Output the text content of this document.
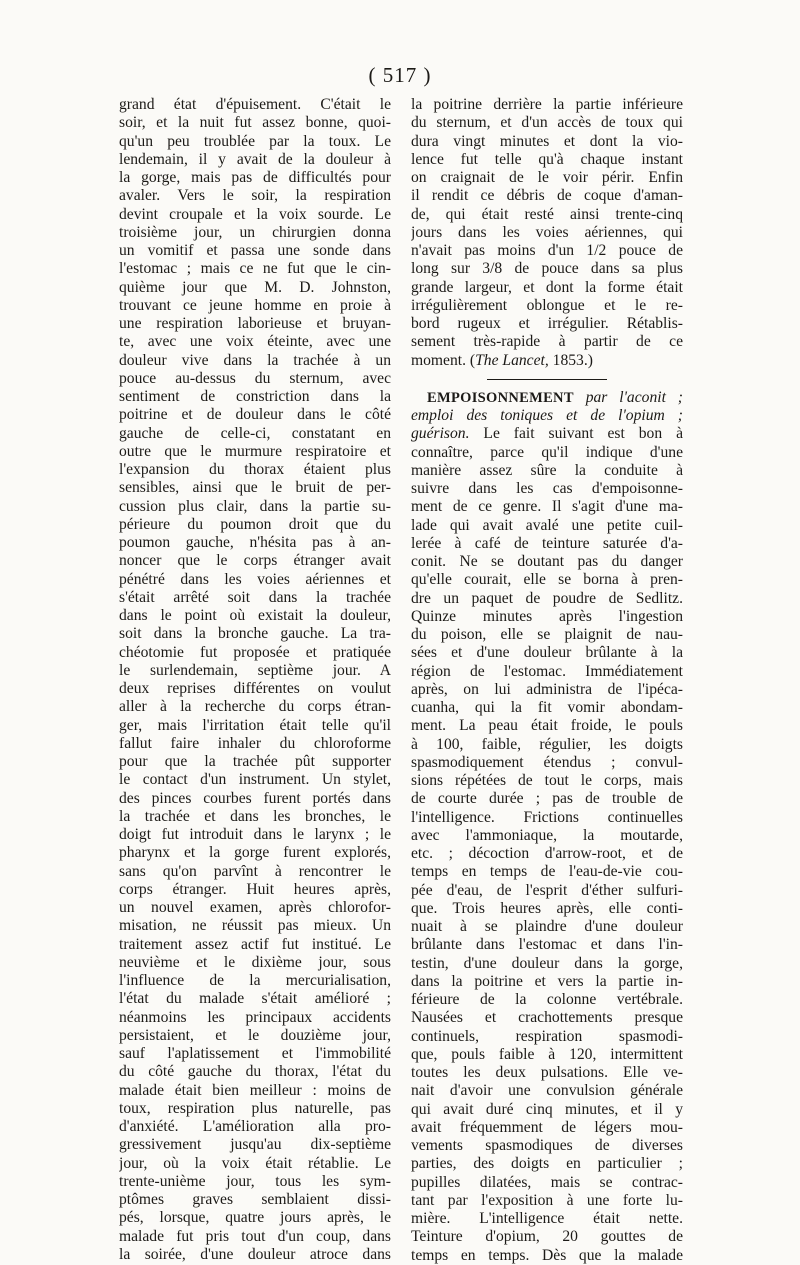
( 517 )
grand état d'épuisement. C'était le
soir, et la nuit fut assez bonne, quoi-
qu'un peu troublée par la toux. Le
lendemain, il y avait de la douleur à
la gorge, mais pas de difficultés pour
avaler. Vers le soir, la respiration
devint croupale et la voix sourde. Le
troisième jour, un chirurgien donna
un vomitif et passa une sonde dans
l'estomac ; mais ce ne fut que le cin-
quième jour que M. D. Johnston,
trouvant ce jeune homme en proie à
une respiration laborieuse et bruyan-
te, avec une voix éteinte, avec une
douleur vive dans la trachée à un
pouce au-dessus du sternum, avec
sentiment de constriction dans la
poitrine et de douleur dans le côté
gauche de celle-ci, constatant en
outre que le murmure respiratoire et
l'expansion du thorax étaient plus
sensibles, ainsi que le bruit de per-
cussion plus clair, dans la partie su-
périeure du poumon droit que du
poumon gauche, n'hésita pas à an-
noncer que le corps étranger avait
pénétré dans les voies aériennes et
s'était arrêté soit dans la trachée
dans le point où existait la douleur,
soit dans la bronche gauche. La tra-
chéotomie fut proposée et pratiquée
le surlendemain, septième jour. A
deux reprises différentes on voulut
aller à la recherche du corps étran-
ger, mais l'irritation était telle qu'il
fallut faire inhaler du chloroforme
pour que la trachée pût supporter
le contact d'un instrument. Un stylet,
des pinces courbes furent portés dans
la trachée et dans les bronches, le
doigt fut introduit dans le larynx ; le
pharynx et la gorge furent explorés,
sans qu'on parvînt à rencontrer le
corps étranger. Huit heures après,
un nouvel examen, après chlorofor-
misation, ne réussit pas mieux. Un
traitement assez actif fut institué. Le
neuvième et le dixième jour, sous
l'influence de la mercurialisation,
l'état du malade s'était amélioré ;
néanmoins les principaux accidents
persistaient, et le douzième jour,
sauf l'aplatissement et l'immobilité
du côté gauche du thorax, l'état du
malade était bien meilleur : moins de
toux, respiration plus naturelle, pas
d'anxiété. L'amélioration alla pro-
gressivement jusqu'au dix-septième
jour, où la voix était rétablie. Le
trente-unième jour, tous les sym-
ptômes graves semblaient dissi-
pés, lorsque, quatre jours après, le
malade fut pris tout d'un coup, dans
la soirée, d'une douleur atroce dans
la poitrine derrière la partie inférieure
du sternum, et d'un accès de toux qui
dura vingt minutes et dont la vio-
lence fut telle qu'à chaque instant
on craignait de le voir périr. Enfin
il rendit ce débris de coque d'aman-
de, qui était resté ainsi trente-cinq
jours dans les voies aériennes, qui
n'avait pas moins d'un 1/2 pouce de
long sur 3/8 de pouce dans sa plus
grande largeur, et dont la forme était
irrégulièrement oblongue et le re-
bord rugeux et irrégulier. Rétablis-
sement très-rapide à partir de ce
moment. (The Lancet, 1853.)
EMPOISONNEMENT par l'aconit ;
emploi des toniques et de l'opium ;
guérison. Le fait suivant est bon à
connaître, parce qu'il indique d'une
manière assez sûre la conduite à
suivre dans les cas d'empoisonne-
ment de ce genre. Il s'agit d'une ma-
lade qui avait avalé une petite cuil-
lerée à café de teinture saturée d'a-
conit. Ne se doutant pas du danger
qu'elle courait, elle se borna à pren-
dre un paquet de poudre de Sedlitz.
Quinze minutes après l'ingestion
du poison, elle se plaignit de nau-
sées et d'une douleur brûlante à la
région de l'estomac. Immédiatement
après, on lui administra de l'ipéca-
cuanha, qui la fit vomir abondam-
ment. La peau était froide, le pouls
à 100, faible, régulier, les doigts
spasmodiquement étendus ; convul-
sions répétées de tout le corps, mais
de courte durée ; pas de trouble de
l'intelligence. Frictions continuelles
avec l'ammoniaque, la moutarde,
etc. ; décoction d'arrow-root, et de
temps en temps de l'eau-de-vie cou-
pée d'eau, de l'esprit d'éther sulfuri-
que. Trois heures après, elle conti-
nuait à se plaindre d'une douleur
brûlante dans l'estomac et dans l'in-
testin, d'une douleur dans la gorge,
dans la poitrine et vers la partie in-
férieure de la colonne vertébrale.
Nausées et crachottements presque
continuels, respiration spasmodi-
que, pouls faible à 120, intermittent
toutes les deux pulsations. Elle ve-
nait d'avoir une convulsion générale
qui avait duré cinq minutes, et il y
avait fréquemment de légers mou-
vements spasmodiques de diverses
parties, des doigts en particulier ;
pupilles dilatées, mais se contrac-
tant par l'exposition à une forte lu-
mière. L'intelligence était nette.
Teinture d'opium, 20 gouttes de
temps en temps. Dès que la malade
